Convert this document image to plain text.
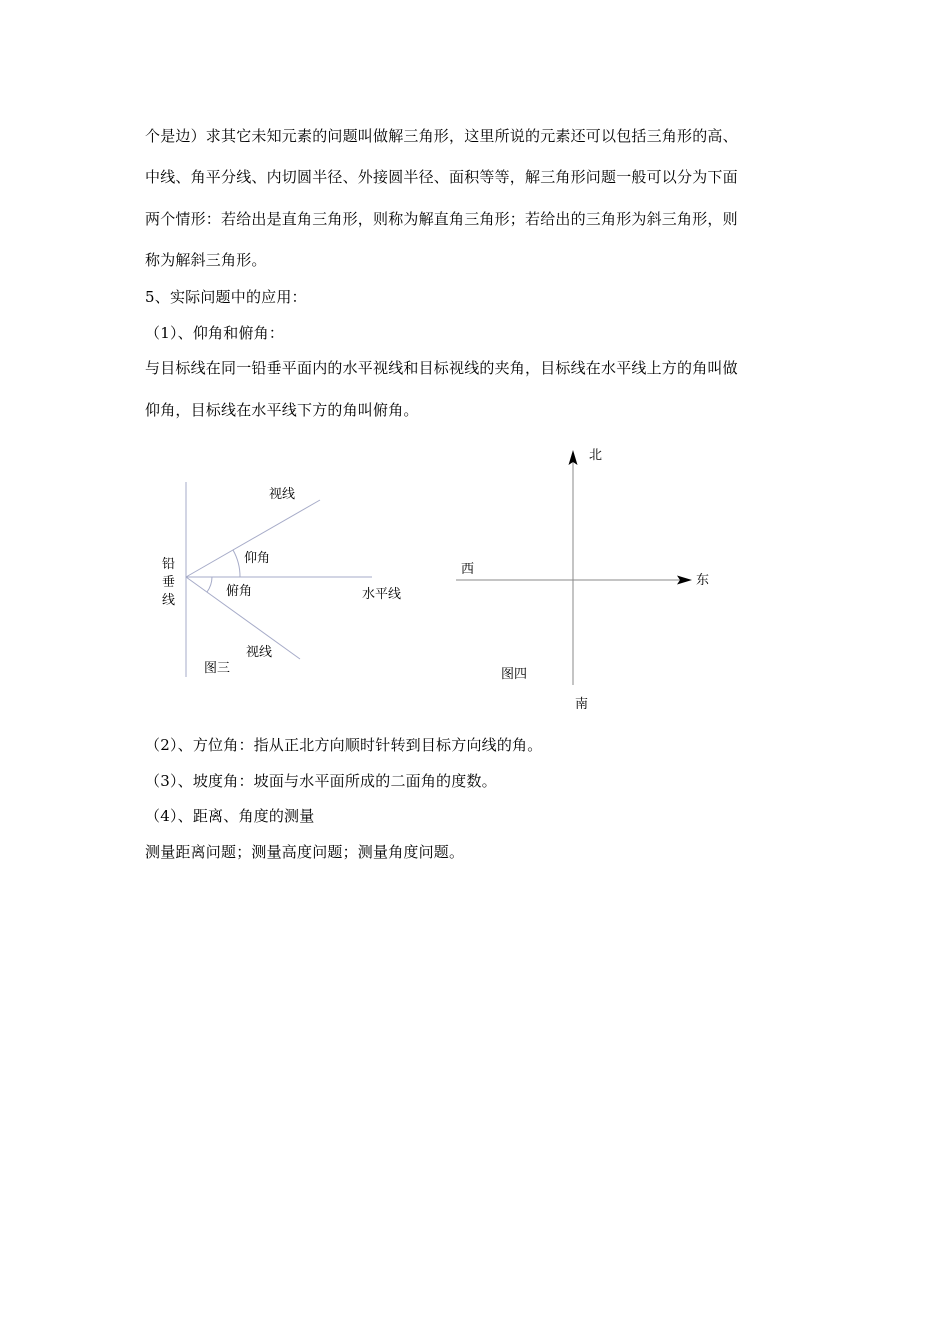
个是边）求其它未知元素的问题叫做解三角形，这里所说的元素还可以包括三角形的高、
中线、角平分线、内切圆半径、外接圆半径、面积等等，解三角形问题一般可以分为下面
两个情形：若给出是直角三角形，则称为解直角三角形；若给出的三角形为斜三角形，则
称为解斜三角形。
5、实际问题中的应用：
（1）、仰角和俯角：
与目标线在同一铅垂平面内的水平视线和目标视线的夹角，目标线在水平线上方的角叫做
仰角，目标线在水平线下方的角叫俯角。
铅
垂
线
视线
仰角
俯角	水平线
视线
图三
北
西
东
图四
南
（2）、方位角：指从正北方向顺时针转到目标方向线的角。
（3）、坡度角：坡面与水平面所成的二面角的度数。
（4）、距离、角度的测量
测量距离问题；测量高度问题；测量角度问题。
